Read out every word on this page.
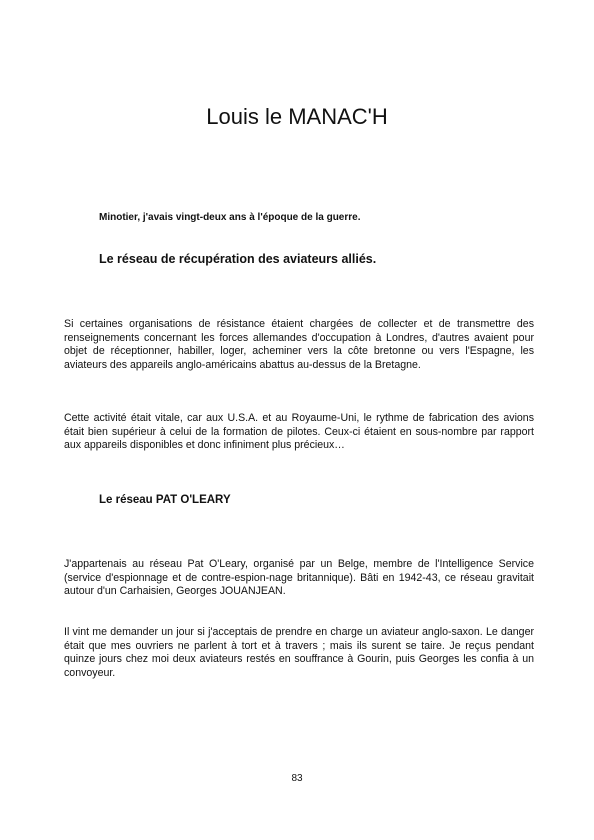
Louis le MANAC'H

Minotier, j'avais vingt-deux ans à l'époque de la guerre.

Le réseau de récupération des aviateurs alliés.

Si certaines organisations de résistance étaient chargées de collecter et de transmettre des renseignements concernant les forces allemandes d'occupation à Londres, d'autres avaient pour objet de réceptionner, habiller, loger, acheminer vers la côte bretonne ou vers l'Espagne, les aviateurs des appareils anglo-américains abattus au-dessus de la Bretagne.

Cette activité était vitale, car aux U.S.A. et au Royaume-Uni, le rythme de fabrication des avions était bien supérieur à celui de la formation de pilotes. Ceux-ci étaient en sous-nombre par rapport aux appareils disponibles et donc infiniment plus précieux…

Le réseau PAT O'LEARY

J'appartenais au réseau Pat O'Leary, organisé par un Belge, membre de l'Intelligence Service (service d'espionnage et de contre-espion-nage britannique). Bâti en 1942-43, ce réseau gravitait autour d'un Carhaisien, Georges JOUANJEAN.

Il vint me demander un jour si j'acceptais de prendre en charge un aviateur anglo-saxon. Le danger était que mes ouvriers ne parlent à tort et à travers ; mais ils surent se taire. Je reçus pendant quinze jours chez moi deux aviateurs restés en souffrance à Gourin, puis Georges les confia à un convoyeur.

83
